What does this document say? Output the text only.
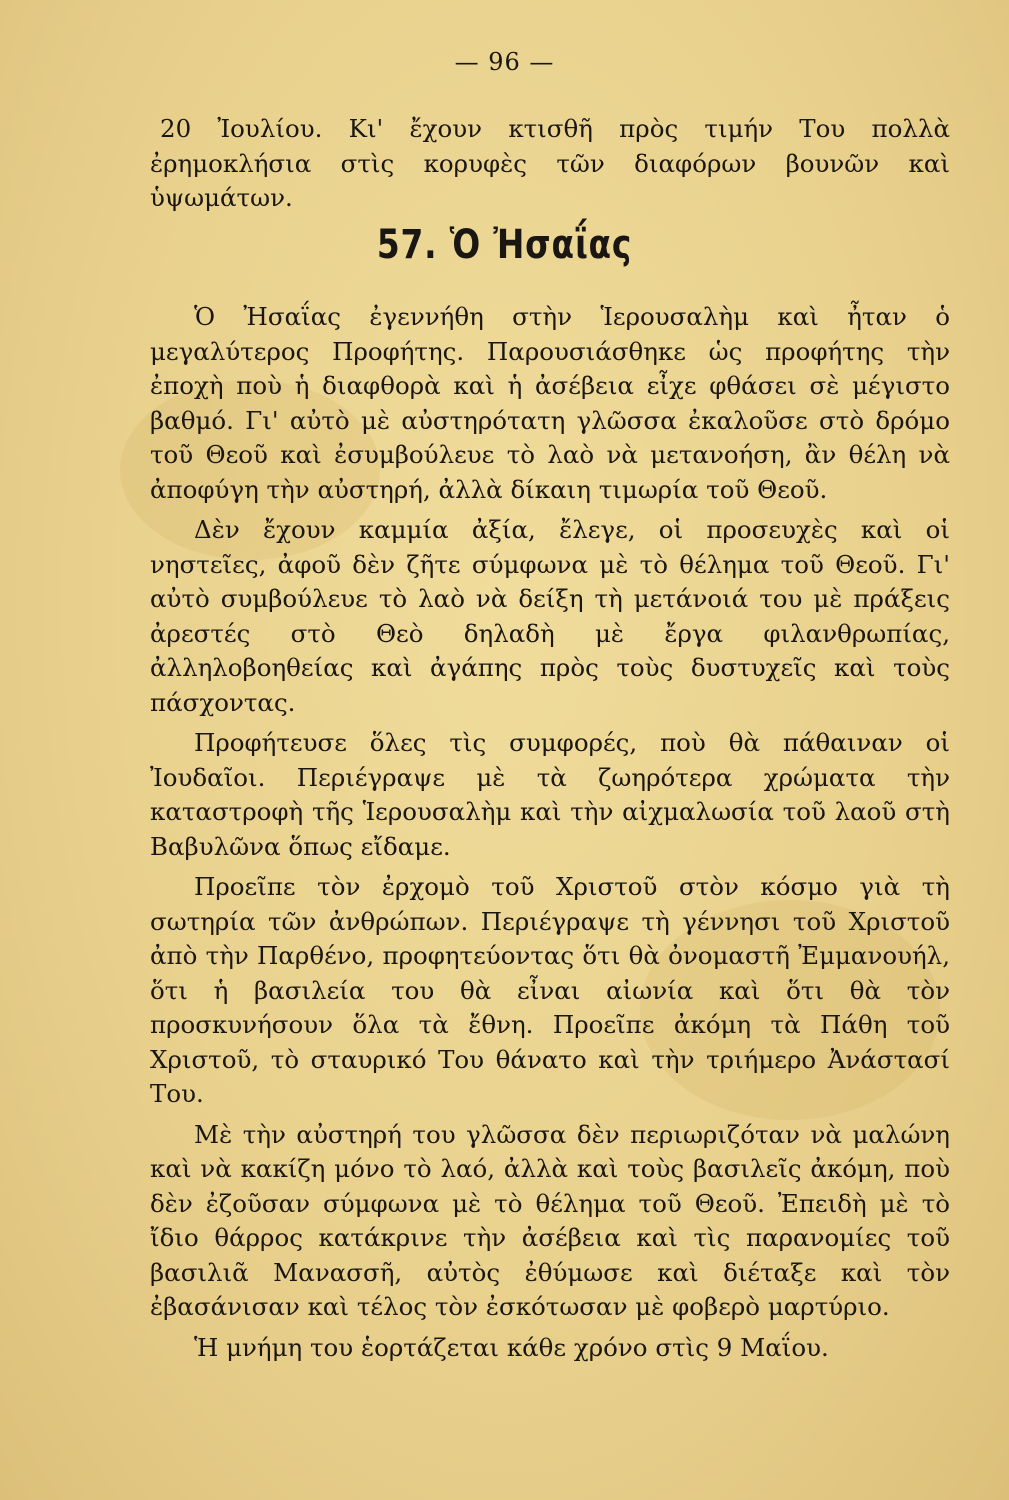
— 96 —

20 Ἰουλίου. Κι' ἔχουν κτισθῆ πρὸς τιμήν Του πολλὰ ἐρημοκλήσια στὶς κορυφὲς τῶν διαφόρων βουνῶν καὶ ὑψωμάτων.

57. Ὁ Ἠσαΐας

Ὁ Ἠσαΐας ἐγεννήθη στὴν Ἱερουσαλὴμ καὶ ἦταν ὁ μεγαλύτερος Προφήτης. Παρουσιάσθηκε ὡς προφήτης τὴν ἐποχὴ ποὺ ἡ διαφθορὰ καὶ ἡ ἀσέβεια εἶχε φθάσει σὲ μέγιστο βαθμό. Γι' αὐτὸ μὲ αὐστηρότατη γλῶσσα ἐκαλοῦσε στὸ δρόμο τοῦ Θεοῦ καὶ ἐσυμβούλευε τὸ λαὸ νὰ μετανοήση, ἂν θέλη νὰ ἀποφύγη τὴν αὐστηρή, ἀλλὰ δίκαιη τιμωρία τοῦ Θεοῦ.

Δὲν ἔχουν καμμία ἀξία, ἔλεγε, οἱ προσευχὲς καὶ οἱ νηστεῖες, ἀφοῦ δὲν ζῆτε σύμφωνα μὲ τὸ θέλημα τοῦ Θεοῦ. Γι' αὐτὸ συμβούλευε τὸ λαὸ νὰ δείξη τὴ μετάνοιά του μὲ πράξεις ἀρεστές στὸ Θεὸ δηλαδὴ μὲ ἔργα φιλανθρωπίας, ἀλληλοβοηθείας καὶ ἀγάπης πρὸς τοὺς δυστυχεῖς καὶ τοὺς πάσχοντας.

Προφήτευσε ὅλες τὶς συμφορές, ποὺ θὰ πάθαιναν οἱ Ἰουδαῖοι. Περιέγραψε μὲ τὰ ζωηρότερα χρώματα τὴν καταστροφὴ τῆς Ἱερουσαλὴμ καὶ τὴν αἰχμαλωσία τοῦ λαοῦ στὴ Βαβυλῶνα ὅπως εἴδαμε.

Προεῖπε τὸν ἐρχομὸ τοῦ Χριστοῦ στὸν κόσμο γιὰ τὴ σωτηρία τῶν ἀνθρώπων. Περιέγραψε τὴ γέννησι τοῦ Χριστοῦ ἀπὸ τὴν Παρθένο, προφητεύοντας ὅτι θὰ ὀνομαστῆ Ἐμμανουήλ, ὅτι ἡ βασιλεία του θὰ εἶναι αἰωνία καὶ ὅτι θὰ τὸν προσκυνήσουν ὅλα τὰ ἔθνη. Προεῖπε ἀκόμη τὰ Πάθη τοῦ Χριστοῦ, τὸ σταυρικό Του θάνατο καὶ τὴν τριήμερο Ἀνάστασί Του.

Μὲ τὴν αὐστηρή του γλῶσσα δὲν περιωριζόταν νὰ μαλώνη καὶ νὰ κακίζη μόνο τὸ λαό, ἀλλὰ καὶ τοὺς βασιλεῖς ἀκόμη, ποὺ δὲν ἐζοῦσαν σύμφωνα μὲ τὸ θέλημα τοῦ Θεοῦ. Ἐπειδὴ μὲ τὸ ἴδιο θάρρος κατάκρινε τὴν ἀσέβεια καὶ τὶς παρανομίες τοῦ βασιλιᾶ Μανασσῆ, αὐτὸς ἐθύμωσε καὶ διέταξε καὶ τὸν ἐβασάνισαν καὶ τέλος τὸν ἐσκότωσαν μὲ φοβερὸ μαρτύριο.

Ἡ μνήμη του ἑορτάζεται κάθε χρόνο στὶς 9 Μαΐου.
